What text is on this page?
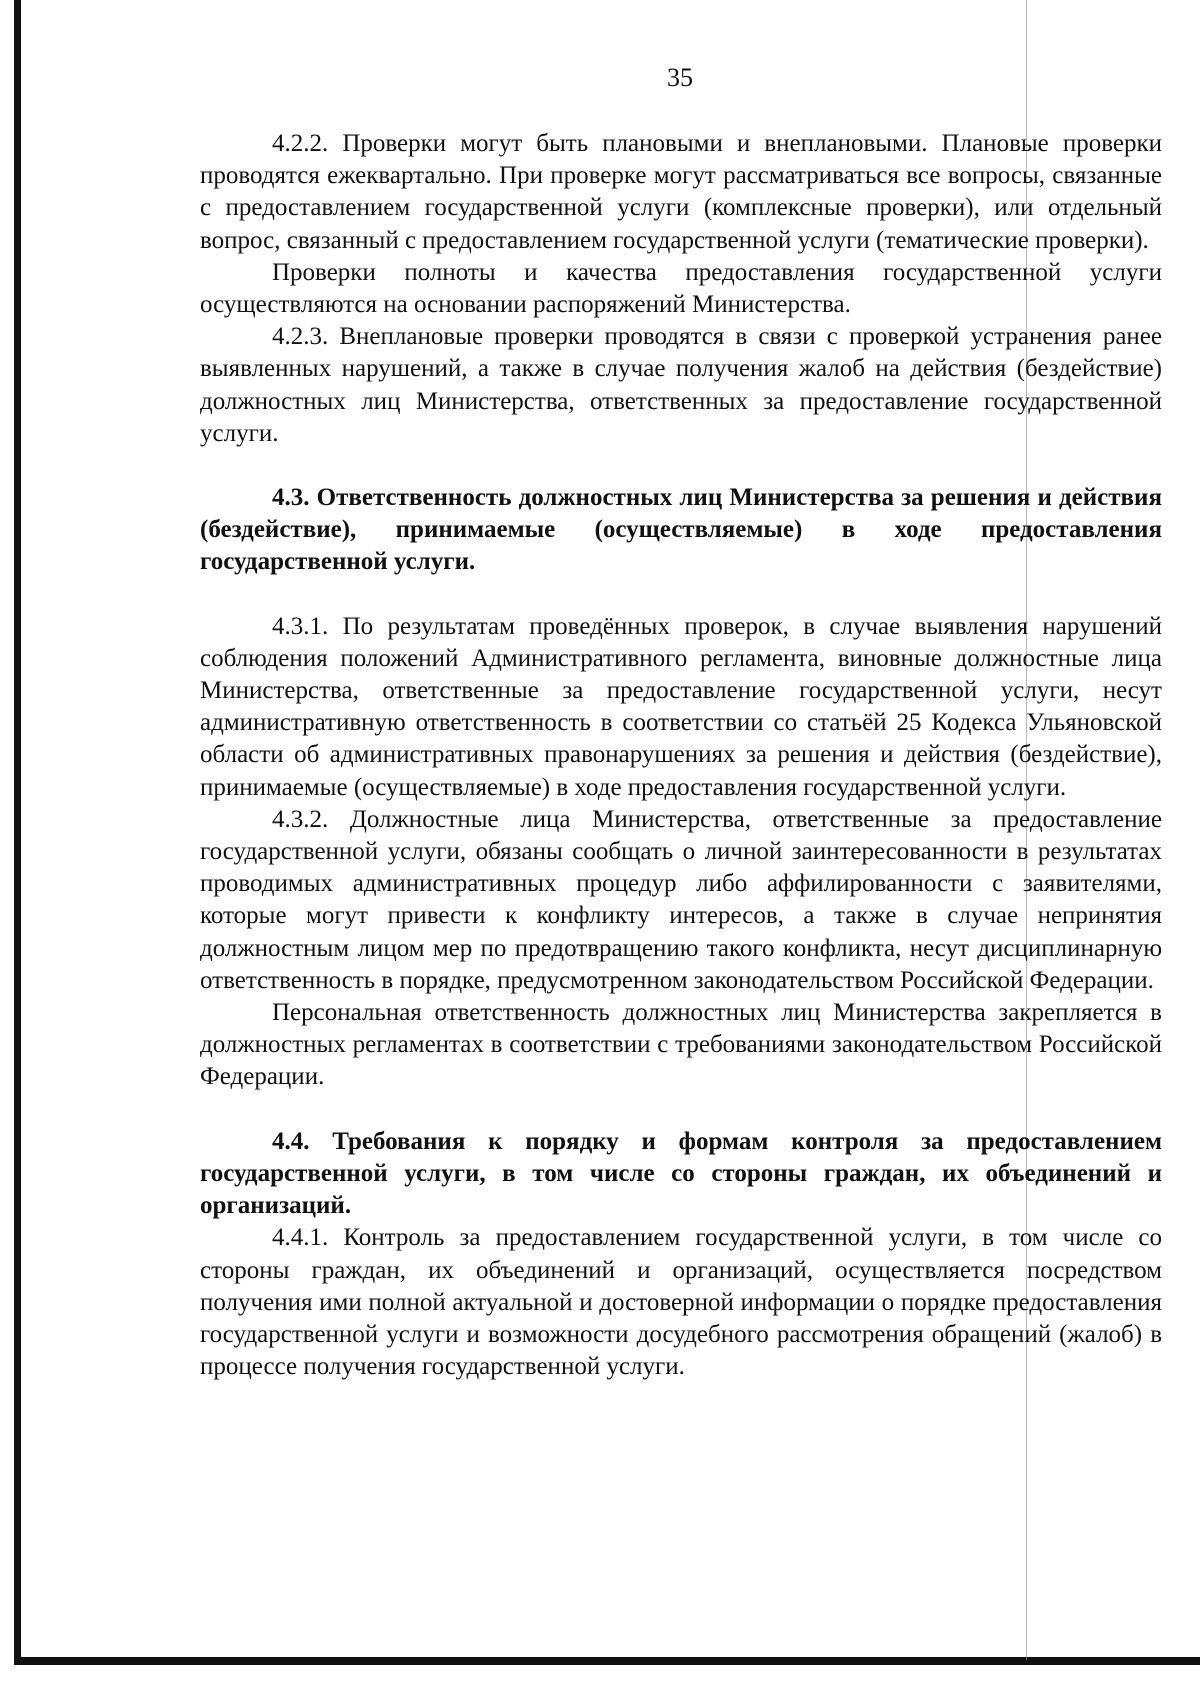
35

4.2.2. Проверки могут быть плановыми и внеплановыми. Плановые проверки проводятся ежеквартально. При проверке могут рассматриваться все вопросы, связанные с предоставлением государственной услуги (комплексные проверки), или отдельный вопрос, связанный с предоставлением государственной услуги (тематические проверки).

Проверки полноты и качества предоставления государственной услуги осуществляются на основании распоряжений Министерства.

4.2.3. Внеплановые проверки проводятся в связи с проверкой устранения ранее выявленных нарушений, а также в случае получения жалоб на действия (бездействие) должностных лиц Министерства, ответственных за предоставление государственной услуги.

4.3. Ответственность должностных лиц Министерства за решения и действия (бездействие), принимаемые (осуществляемые) в ходе предоставления государственной услуги.

4.3.1. По результатам проведённых проверок, в случае выявления нарушений соблюдения положений Административного регламента, виновные должностные лица Министерства, ответственные за предоставление государственной услуги, несут административную ответственность в соответствии со статьёй 25 Кодекса Ульяновской области об административных правонарушениях за решения и действия (бездействие), принимаемые (осуществляемые) в ходе предоставления государственной услуги.

4.3.2. Должностные лица Министерства, ответственные за предоставление государственной услуги, обязаны сообщать о личной заинтересованности в результатах проводимых административных процедур либо аффилированности с заявителями, которые могут привести к конфликту интересов, а также в случае непринятия должностным лицом мер по предотвращению такого конфликта, несут дисциплинарную ответственность в порядке, предусмотренном законодательством Российской Федерации.

Персональная ответственность должностных лиц Министерства закрепляется в должностных регламентах в соответствии с требованиями законодательством Российской Федерации.

4.4. Требования к порядку и формам контроля за предоставлением государственной услуги, в том числе со стороны граждан, их объединений и организаций.

4.4.1. Контроль за предоставлением государственной услуги, в том числе со стороны граждан, их объединений и организаций, осуществляется посредством получения ими полной актуальной и достоверной информации о порядке предоставления государственной услуги и возможности досудебного рассмотрения обращений (жалоб) в процессе получения государственной услуги.
